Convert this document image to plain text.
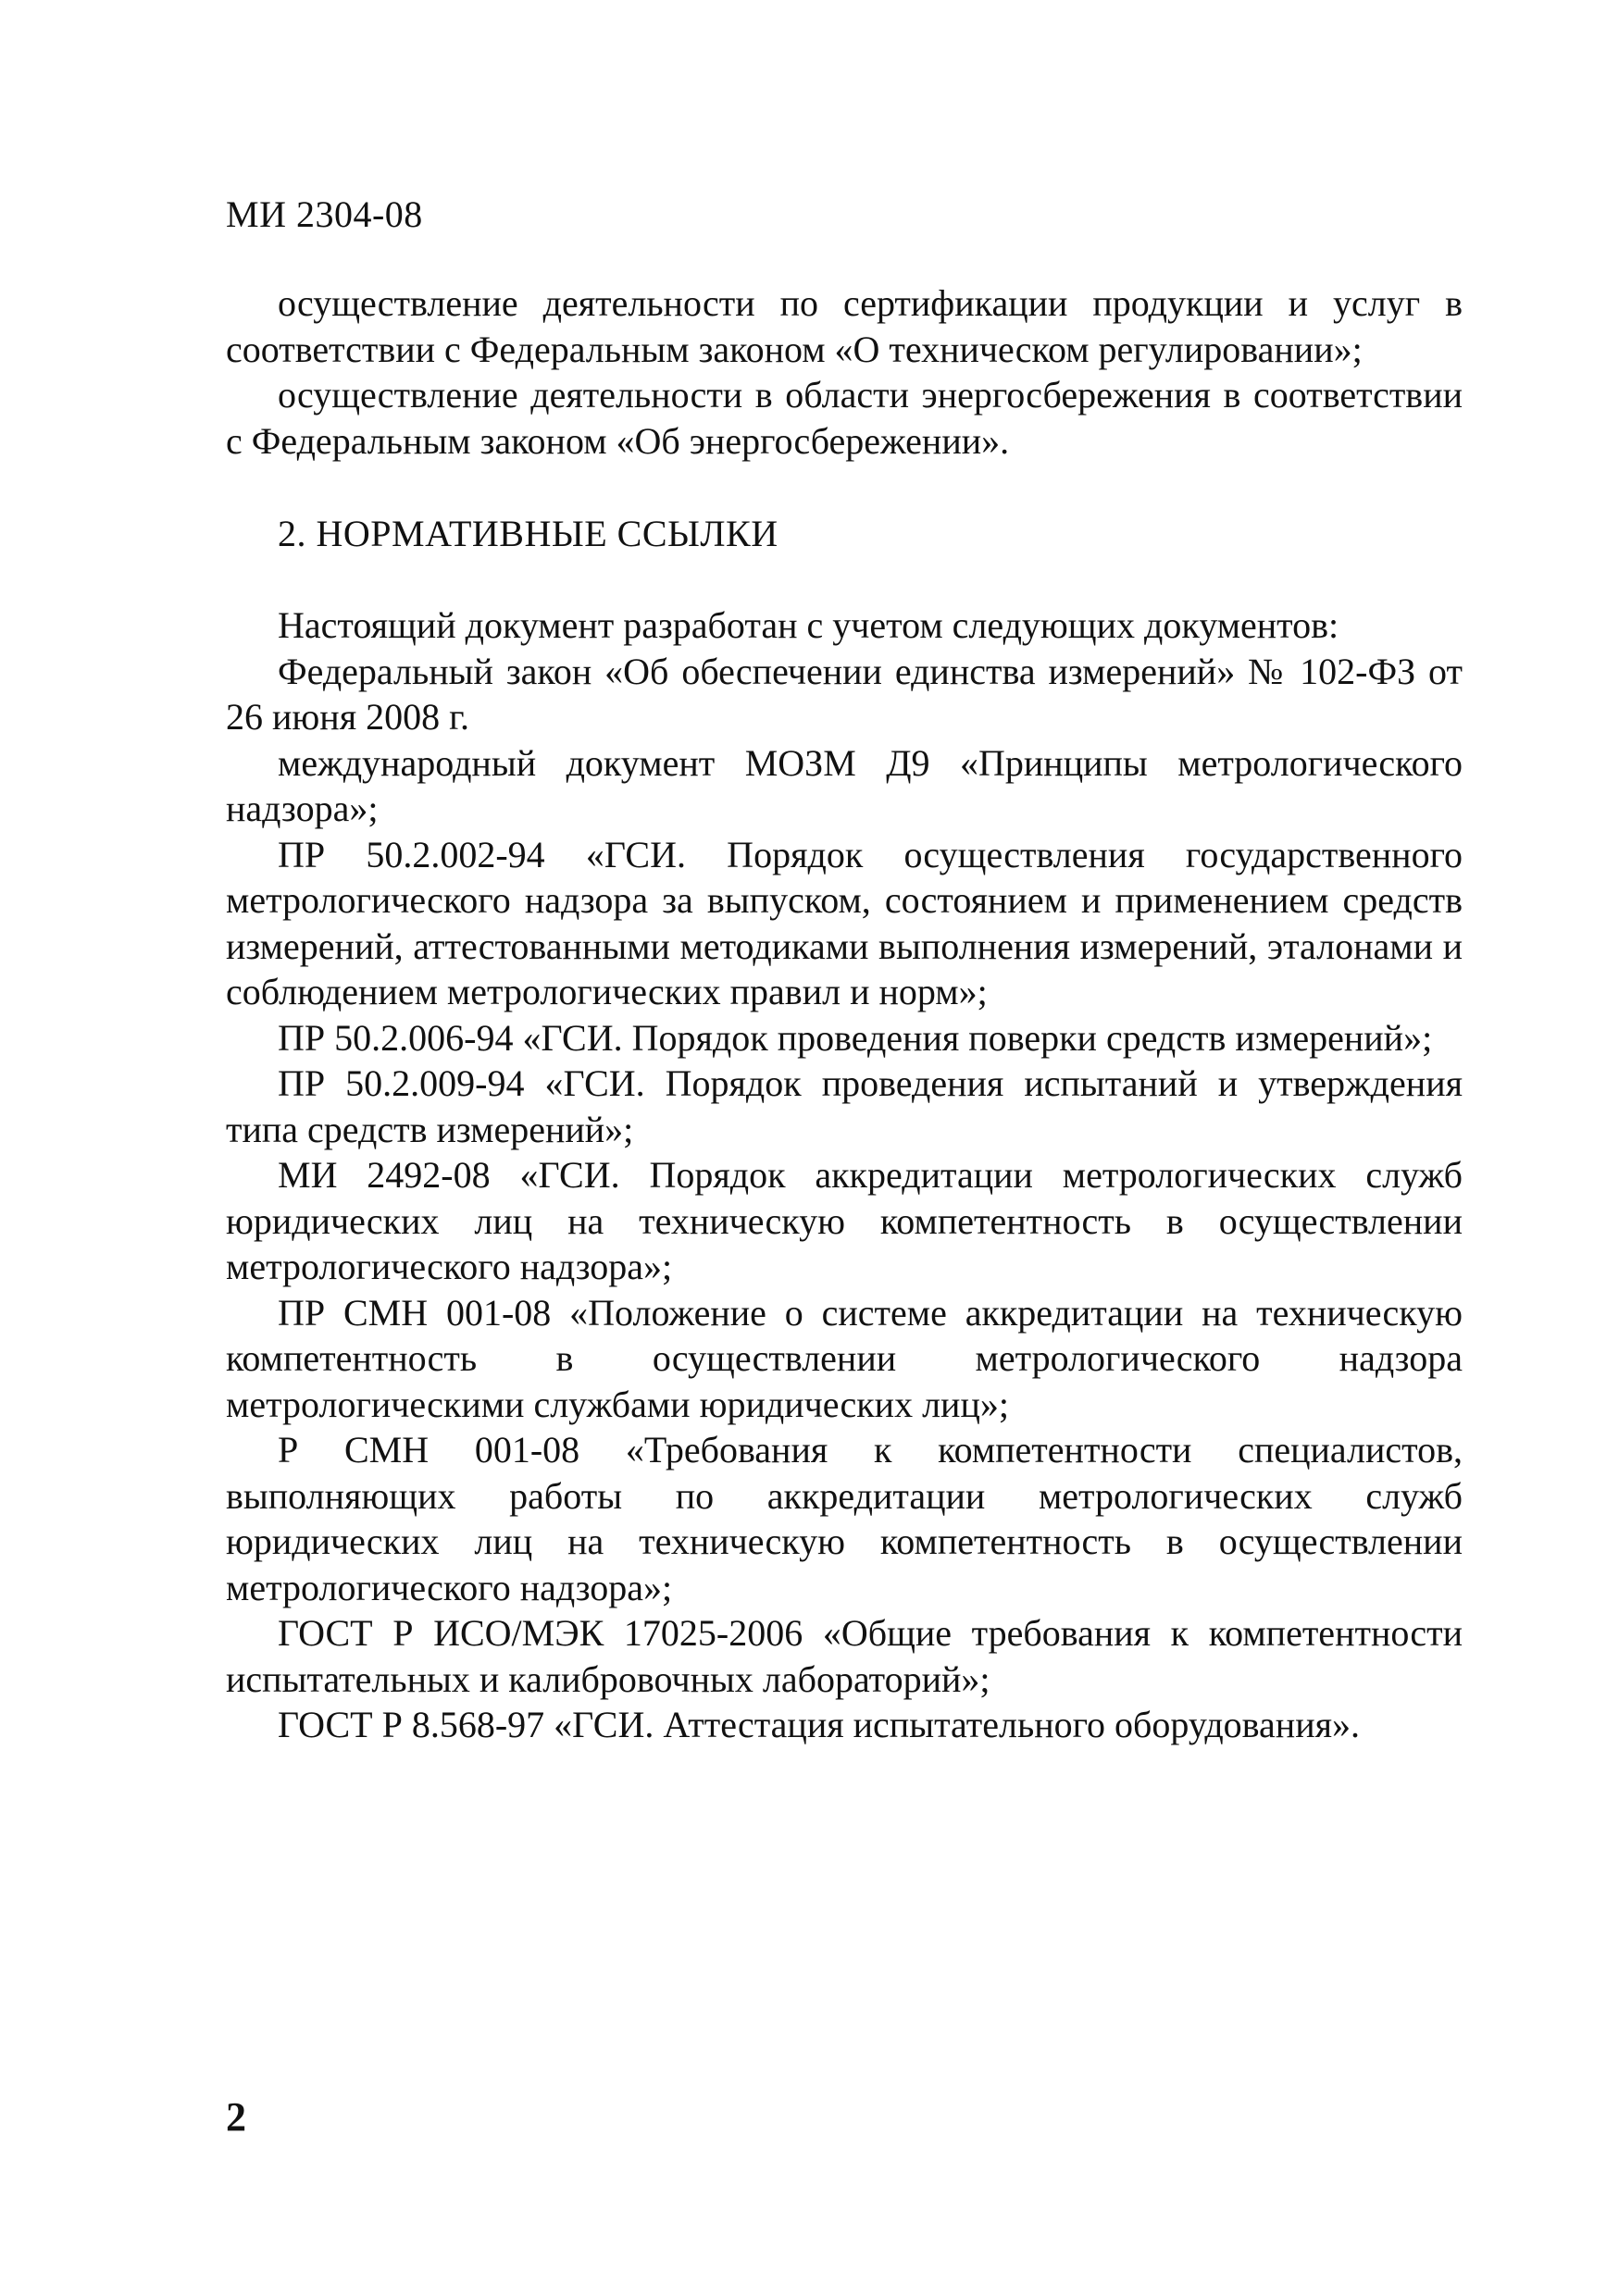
МИ 2304-08

осуществление деятельности по сертификации продукции и услуг в соответствии с Федеральным законом «О техническом регулировании»;

осуществление деятельности в области энергосбережения в соответствии с Федеральным законом «Об энергосбережении».

2. НОРМАТИВНЫЕ ССЫЛКИ

Настоящий документ разработан с учетом следующих документов:

Федеральный закон «Об обеспечении единства измерений» № 102-ФЗ от 26 июня 2008 г.

международный документ МОЗМ Д9 «Принципы метрологического надзора»;

ПР 50.2.002-94 «ГСИ. Порядок осуществления государственного метрологического надзора за выпуском, состоянием и применением средств измерений, аттестованными методиками выполнения измерений, эталонами и соблюдением метрологических правил и норм»;

ПР 50.2.006-94 «ГСИ. Порядок проведения поверки средств измерений»;

ПР 50.2.009-94 «ГСИ. Порядок проведения испытаний и утверждения типа средств измерений»;

МИ 2492-08 «ГСИ. Порядок аккредитации метрологических служб юридических лиц на техническую компетентность в осуществлении метрологического надзора»;

ПР СМН 001-08 «Положение о системе аккредитации на техническую компетентность в осуществлении метрологического надзора метрологическими службами юридических лиц»;

Р СМН 001-08 «Требования к компетентности специалистов, выполняющих работы по аккредитации метрологических служб юридических лиц на техническую компетентность в осуществлении метрологического надзора»;

ГОСТ Р ИСО/МЭК 17025-2006 «Общие требования к компетентности испытательных и калибровочных лабораторий»;

ГОСТ Р 8.568-97 «ГСИ. Аттестация испытательного оборудования».

2
